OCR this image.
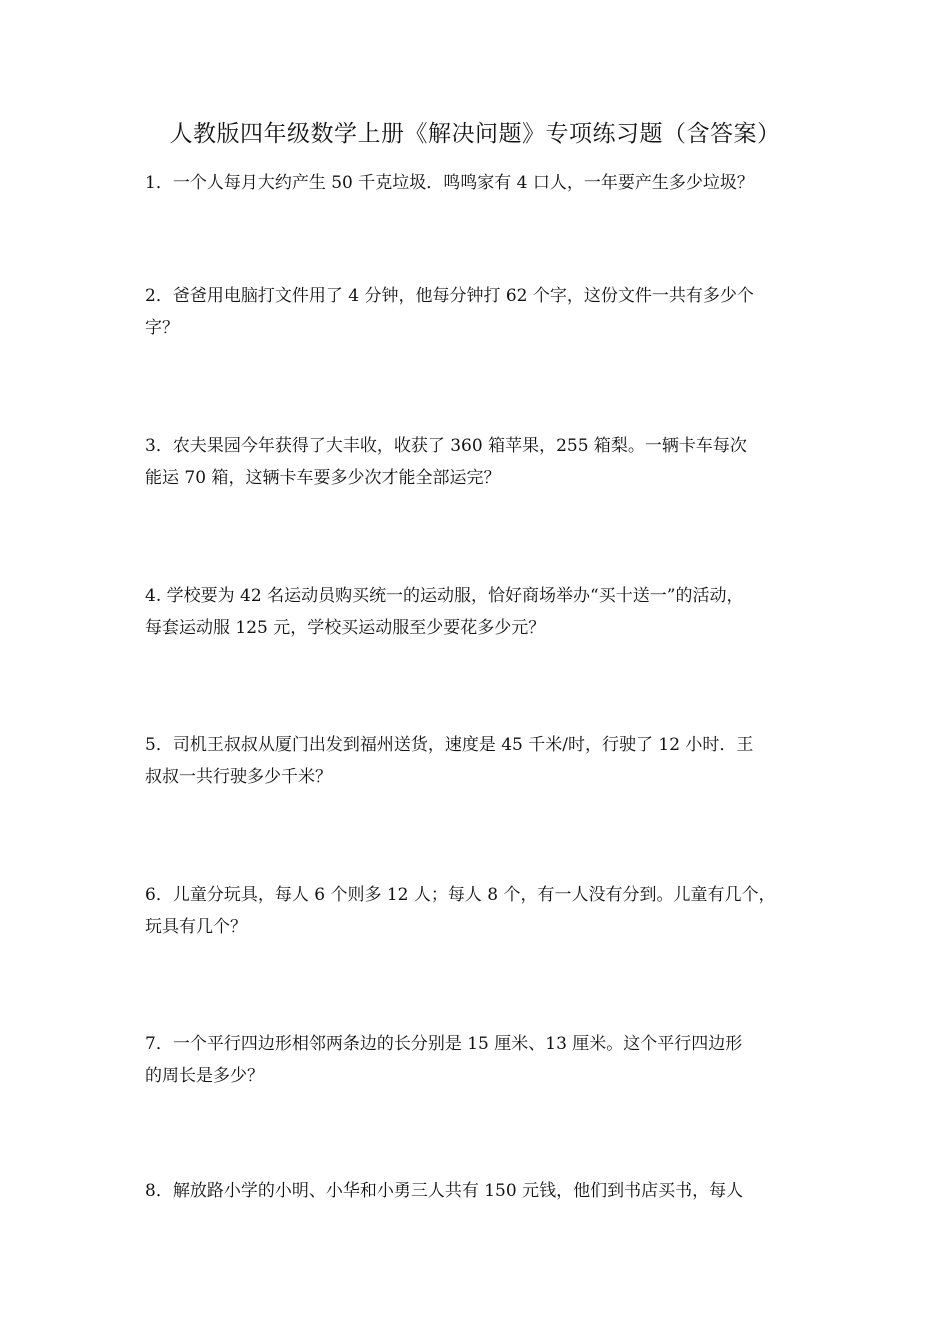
人教版四年级数学上册《解决问题》专项练习题（含答案）
1．一个人每月大约产生 50 千克垃圾．鸣鸣家有 4 口人，一年要产生多少垃圾？
2．爸爸用电脑打文件用了 4 分钟，他每分钟打 62 个字，这份文件一共有多少个
字？
3．农夫果园今年获得了大丰收，收获了 360 箱苹果，255 箱梨。一辆卡车每次
能运 70 箱，这辆卡车要多少次才能全部运完？
4. 学校要为 42 名运动员购买统一的运动服，恰好商场举办“买十送一”的活动，
每套运动服 125 元，学校买运动服至少要花多少元？
5．司机王叔叔从厦门出发到福州送货，速度是 45 千米/时，行驶了 12 小时．王
叔叔一共行驶多少千米？
6．儿童分玩具，每人 6 个则多 12 人；每人 8 个，有一人没有分到。儿童有几个，
玩具有几个？
7．一个平行四边形相邻两条边的长分别是 15 厘米、13 厘米。这个平行四边形
的周长是多少？
8．解放路小学的小明、小华和小勇三人共有 150 元钱，他们到书店买书，每人
